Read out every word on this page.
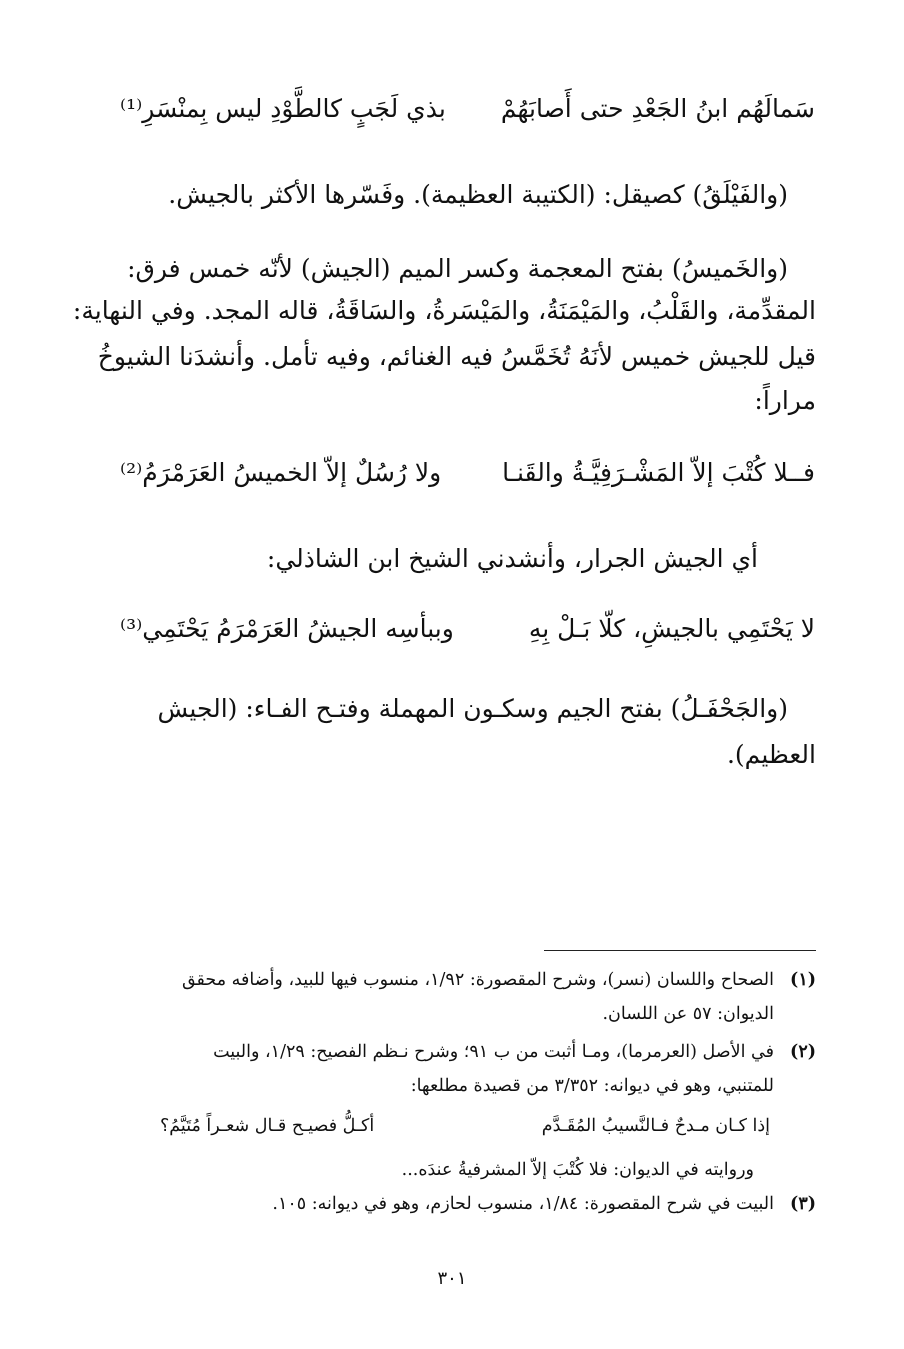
سَمالَهُم ابنُ الجَعْدِ حتى أَصابَهُمْ
بذي لَجَبٍ كالطَّوْدِ ليس بِمنْسَرِ⁽¹⁾
(والفَيْلَقُ) كصيقل: (الكتيبة العظيمة). وفَسّرها الأكثر بالجيش.
(والخَميسُ) بفتح المعجمة وكسر الميم (الجيش) لأنّه خمس فرق:
المقدِّمة، والقَلْبُ، والمَيْمَنَةُ، والمَيْسَرةُ، والسَاقَةُ، قاله المجد. وفي النهاية:
قيل للجيش خميس لأنَهُ تُخَمَّسُ فيه الغنائم، وفيه تأمل. وأنشدَنا الشيوخُ
مراراً:
فــلا كُتْبَ إلاّ المَشْـرَفِيَّـةُ والقَنـا
ولا رُسُلٌ إلاّ الخميسُ العَرَمْرَمُ⁽²⁾
أي الجيش الجرار، وأنشدني الشيخ ابن الشاذلي:
لا يَحْتَمِي بالجيشِ، كلّا بَـلْ بِهِ
وببأسِه الجيشُ العَرَمْرَمُ يَحْتَمِي⁽³⁾
(والجَحْفَـلُ) بفتح الجيم وسكـون المهملة وفتـح الفـاء: (الجيش
العظيم).
(١)
الصحاح واللسان (نسر)، وشرح المقصورة: ١/٩٢، منسوب فيها للبيد، وأضافه محقق
الديوان: ٥٧ عن اللسان.
(٢)
في الأصل (العرمرما)، ومـا أثبت من ب ٩١؛ وشرح نـظم الفصيح: ١/٢٩، والبيت
للمتنبي، وهو في ديوانه: ٣/٣٥٢ من قصيدة مطلعها:
إذا كـان مـدحٌ فـالنَّسيبُ المُقَـدَّم
أكـلُّ فصيـح قـال شعـراً مُتَيَّمُ؟
وروايته في الديوان: فلا كُتْبَ إلاّ المشرفيةُ عندَه...
(٣)
البيت في شرح المقصورة: ١/٨٤، منسوب لحازم، وهو في ديوانه: ١٠٥.
٣٠١
